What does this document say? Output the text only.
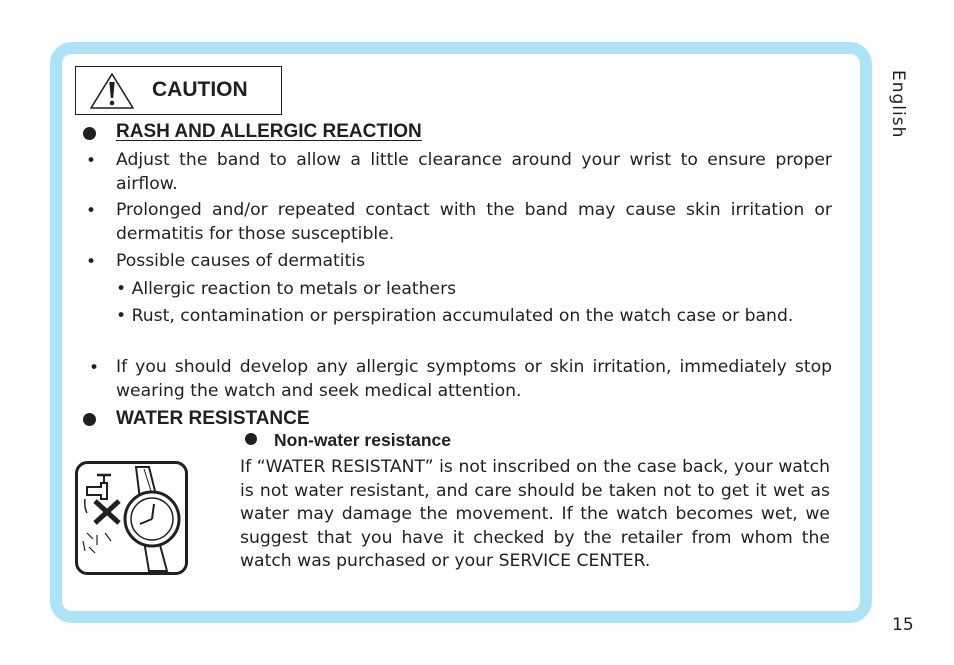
CAUTION
RASH AND ALLERGIC REACTION
• Adjust the band to allow a little clearance around your wrist to ensure proper airflow.
• Prolonged and/or repeated contact with the band may cause skin irritation or dermatitis for those susceptible.
• Possible causes of dermatitis
• Allergic reaction to metals or leathers
• Rust, contamination or perspiration accumulated on the watch case or band.
• If you should develop any allergic symptoms or skin irritation, immediately stop wearing the watch and seek medical attention.
WATER RESISTANCE
Non-water resistance
If “WATER RESISTANT” is not inscribed on the case back, your watch is not water resistant, and care should be taken not to get it wet as water may damage the movement. If the watch becomes wet, we suggest that you have it checked by the retailer from whom the watch was purchased or your SERVICE CENTER.
English
15
